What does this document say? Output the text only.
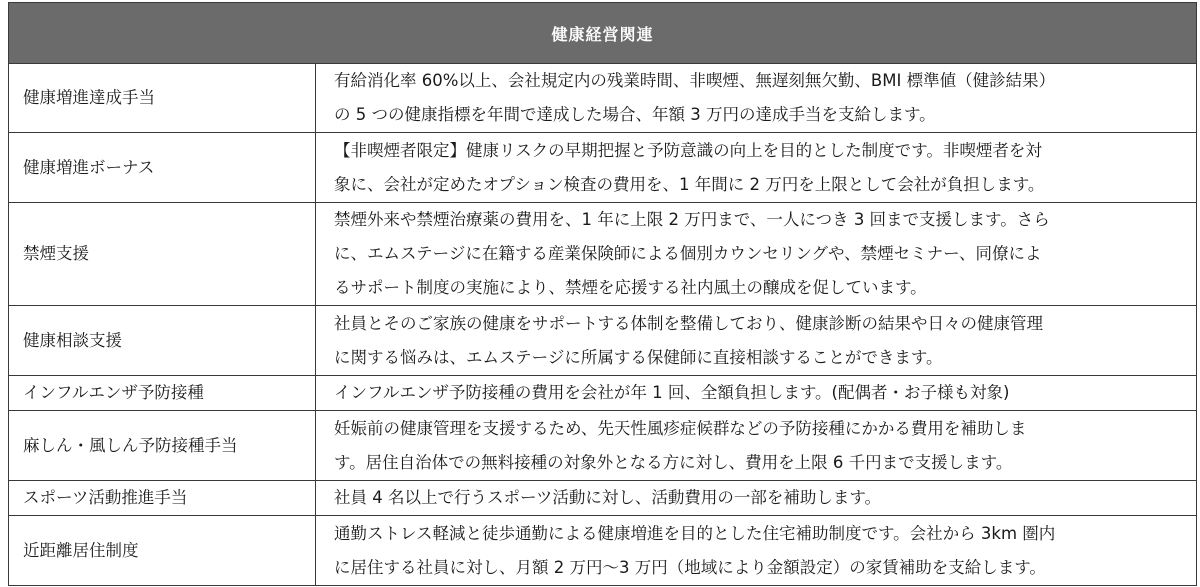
健康経営関連	
健康増進達成手当	有給消化率 60%以上、会社規定内の残業時間、非喫煙、無遅刻無欠勤、BMI 標準値（健診結果）
の 5 つの健康指標を年間で達成した場合、年額 3 万円の達成手当を支給します。

健康増進ボーナス	【非喫煙者限定】健康リスクの早期把握と予防意識の向上を目的とした制度です。非喫煙者を対
象に、会社が定めたオプション検査の費用を、1 年間に 2 万円を上限として会社が負担します。

禁煙支援	禁煙外来や禁煙治療薬の費用を、1 年に上限 2 万円まで、一人につき 3 回まで支援します。さら
に、エムステージに在籍する産業保険師による個別カウンセリングや、禁煙セミナー、同僚によ
るサポート制度の実施により、禁煙を応援する社内風土の醸成を促しています。

健康相談支援	社員とそのご家族の健康をサポートする体制を整備しており、健康診断の結果や日々の健康管理
に関する悩みは、エムステージに所属する保健師に直接相談することができます。

インフルエンザ予防接種	インフルエンザ予防接種の費用を会社が年 1 回、全額負担します。(配偶者・お子様も対象)

麻しん・風しん予防接種手当	妊娠前の健康管理を支援するため、先天性風疹症候群などの予防接種にかかる費用を補助しま
す。居住自治体での無料接種の対象外となる方に対し、費用を上限 6 千円まで支援します。

スポーツ活動推進手当	社員 4 名以上で行うスポーツ活動に対し、活動費用の一部を補助します。

近距離居住制度	通勤ストレス軽減と徒歩通勤による健康増進を目的とした住宅補助制度です。会社から 3km 圏内
に居住する社員に対し、月額 2 万円～3 万円（地域により金額設定）の家賃補助を支給します。
